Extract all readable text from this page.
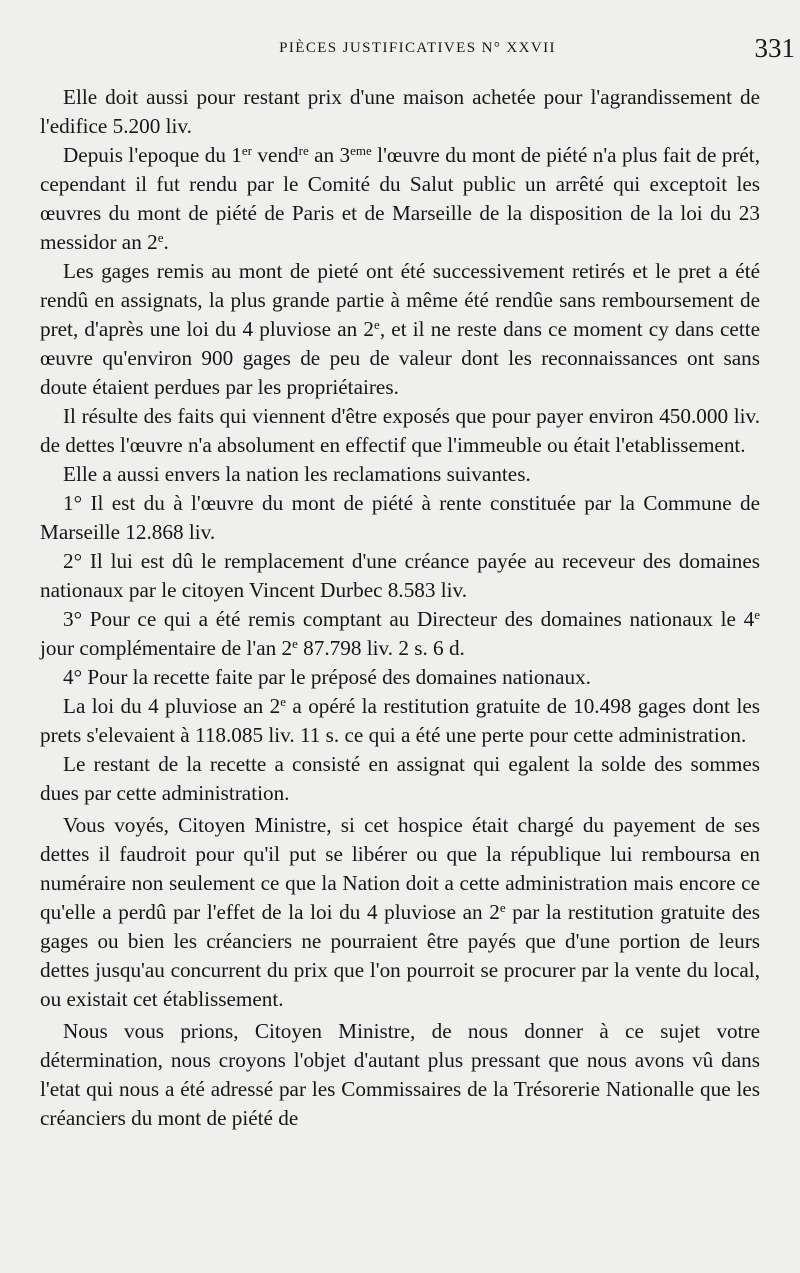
PIÈCES JUSTIFICATIVES N° XXVII	331

Elle doit aussi pour restant prix d'une maison achetée pour l'agrandissement de l'edifice 5.200 liv.

Depuis l'epoque du 1er vend$^{re}$ an 3eme l'œuvre du mont de piété n'a plus fait de prét, cependant il fut rendu par le Comité du Salut public un arrêté qui exceptoit les œuvres du mont de piété de Paris et de Marseille de la disposition de la loi du 23 messidor an 2e.

Les gages remis au mont de pieté ont été successivement retirés et le pret a été rendû en assignats, la plus grande partie à même été rendûe sans remboursement de pret, d'après une loi du 4 pluviose an 2e, et il ne reste dans ce moment cy dans cette œuvre qu'environ 900 gages de peu de valeur dont les reconnaissances ont sans doute étaient perdues par les propriétaires.

Il résulte des faits qui viennent d'être exposés que pour payer environ 450.000 liv. de dettes l'œuvre n'a absolument en effectif que l'immeuble ou était l'etablissement.

Elle a aussi envers la nation les reclamations suivantes.

1° Il est du à l'œuvre du mont de piété à rente constituée par la Commune de Marseille 12.868 liv.

2° Il lui est dû le remplacement d'une créance payée au receveur des domaines nationaux par le citoyen Vincent Durbec 8.583 liv.

3° Pour ce qui a été remis comptant au Directeur des domaines nationaux le 4e jour complémentaire de l'an 2e 87.798 liv. 2 s. 6 d.

4° Pour la recette faite par le préposé des domaines nationaux.

La loi du 4 pluviose an 2e a opéré la restitution gratuite de 10.498 gages dont les prets s'elevaient à 118.085 liv. 11 s. ce qui a été une perte pour cette administration.

Le restant de la recette a consisté en assignat qui egalent la solde des sommes dues par cette administration.

Vous voyés, Citoyen Ministre, si cet hospice était chargé du payement de ses dettes il faudroit pour qu'il put se libérer ou que la république lui remboursa en numéraire non seulement ce que la Nation doit a cette administration mais encore ce qu'elle a perdû par l'effet de la loi du 4 pluviose an 2e par la restitution gratuite des gages ou bien les créanciers ne pourraient être payés que d'une portion de leurs dettes jusqu'au concurrent du prix que l'on pourroit se procurer par la vente du local, ou existait cet établissement.

Nous vous prions, Citoyen Ministre, de nous donner à ce sujet votre détermination, nous croyons l'objet d'autant plus pressant que nous avons vû dans l'etat qui nous a été adressé par les Commissaires de la Trésorerie Nationalle que les créanciers du mont de piété de
